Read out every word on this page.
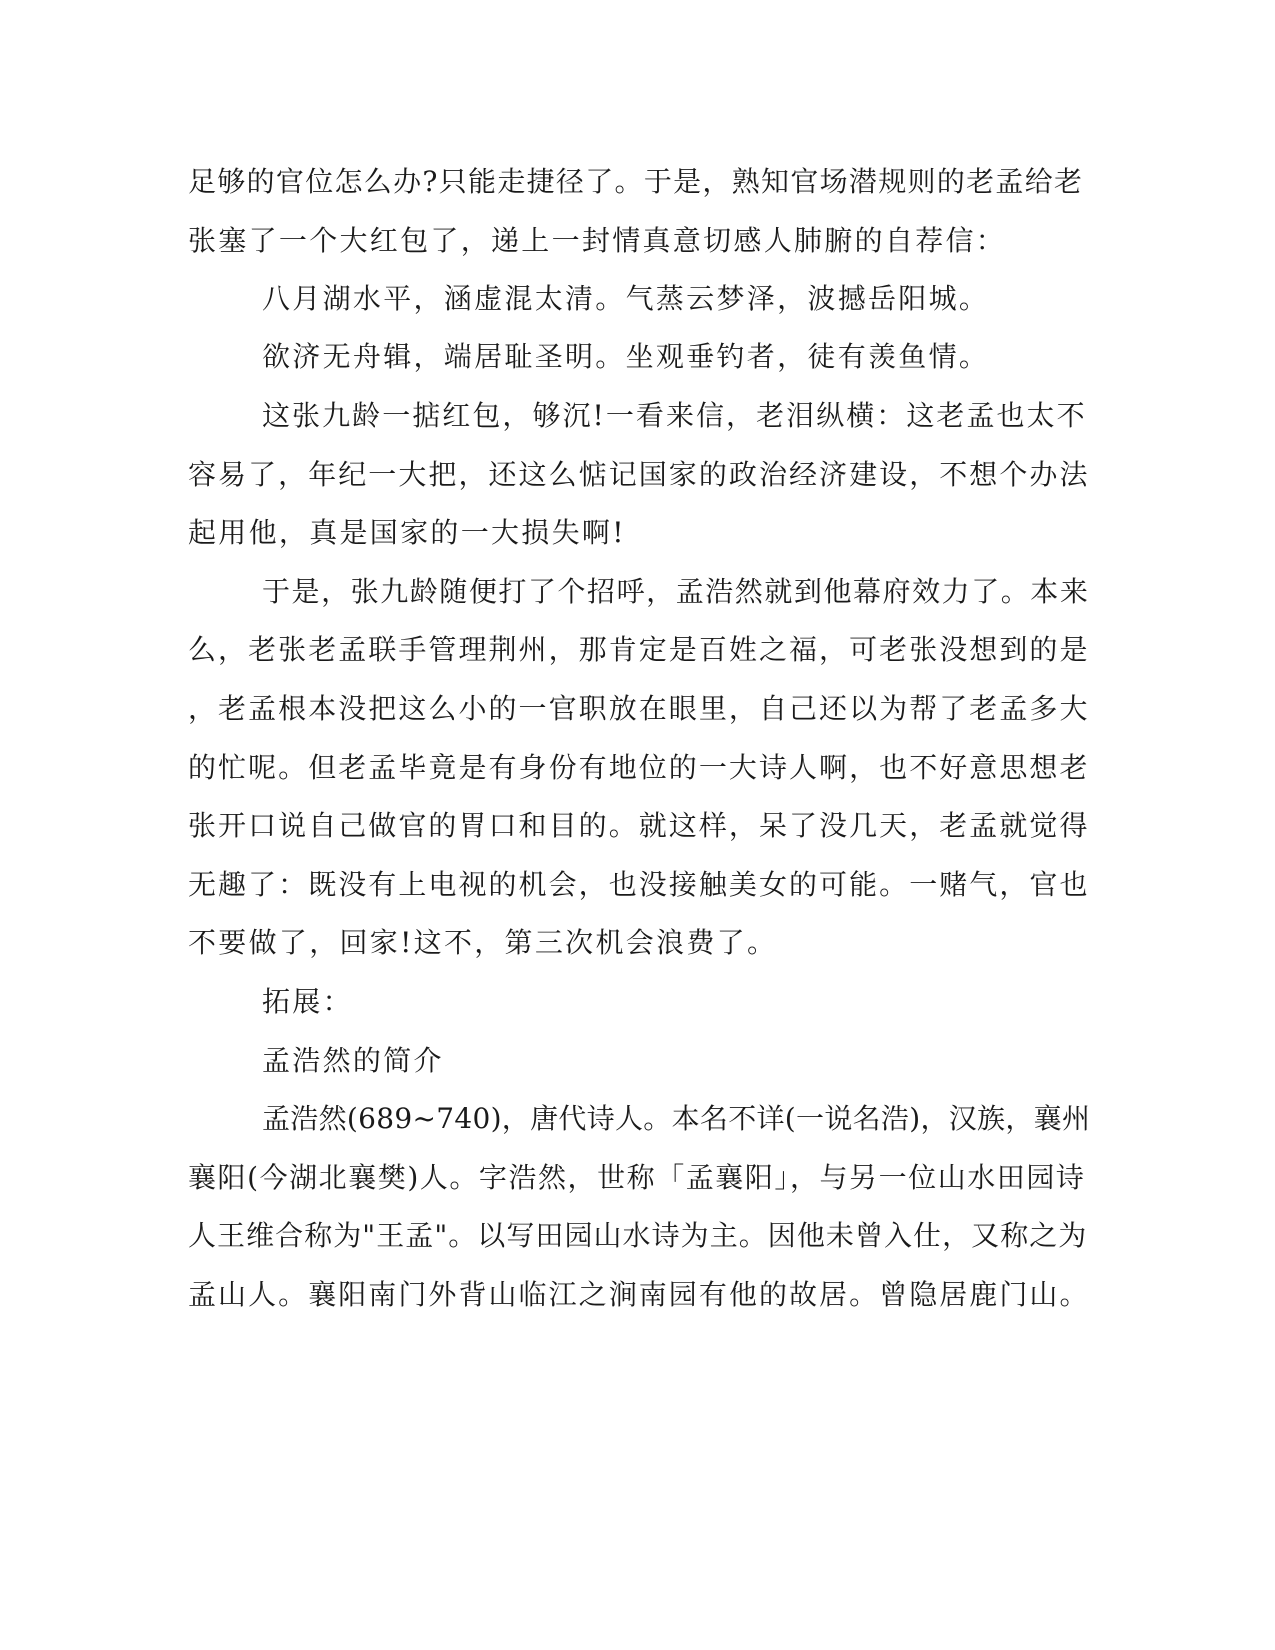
足够的官位怎么办?只能走捷径了。于是，熟知官场潜规则的老孟给老
张塞了一个大红包了，递上一封情真意切感人肺腑的自荐信：
八月湖水平，涵虚混太清。气蒸云梦泽，波撼岳阳城。
欲济无舟辑，端居耻圣明。坐观垂钓者，徒有羡鱼情。
这张九龄一掂红包，够沉!一看来信，老泪纵横：这老孟也太不
容易了，年纪一大把，还这么惦记国家的政治经济建设，不想个办法
起用他，真是国家的一大损失啊!
于是，张九龄随便打了个招呼，孟浩然就到他幕府效力了。本来
么，老张老孟联手管理荆州，那肯定是百姓之福，可老张没想到的是
，老孟根本没把这么小的一官职放在眼里，自己还以为帮了老孟多大
的忙呢。但老孟毕竟是有身份有地位的一大诗人啊，也不好意思想老
张开口说自己做官的胃口和目的。就这样，呆了没几天，老孟就觉得
无趣了：既没有上电视的机会，也没接触美女的可能。一赌气，官也
不要做了，回家!这不，第三次机会浪费了。
拓展：
孟浩然的简介
孟浩然(689~740)，唐代诗人。本名不详(一说名浩)，汉族，襄州
襄阳(今湖北襄樊)人。字浩然，世称「孟襄阳」，与另一位山水田园诗
人王维合称为"王孟"。以写田园山水诗为主。因他未曾入仕，又称之为
孟山人。襄阳南门外背山临江之涧南园有他的故居。曾隐居鹿门山。
